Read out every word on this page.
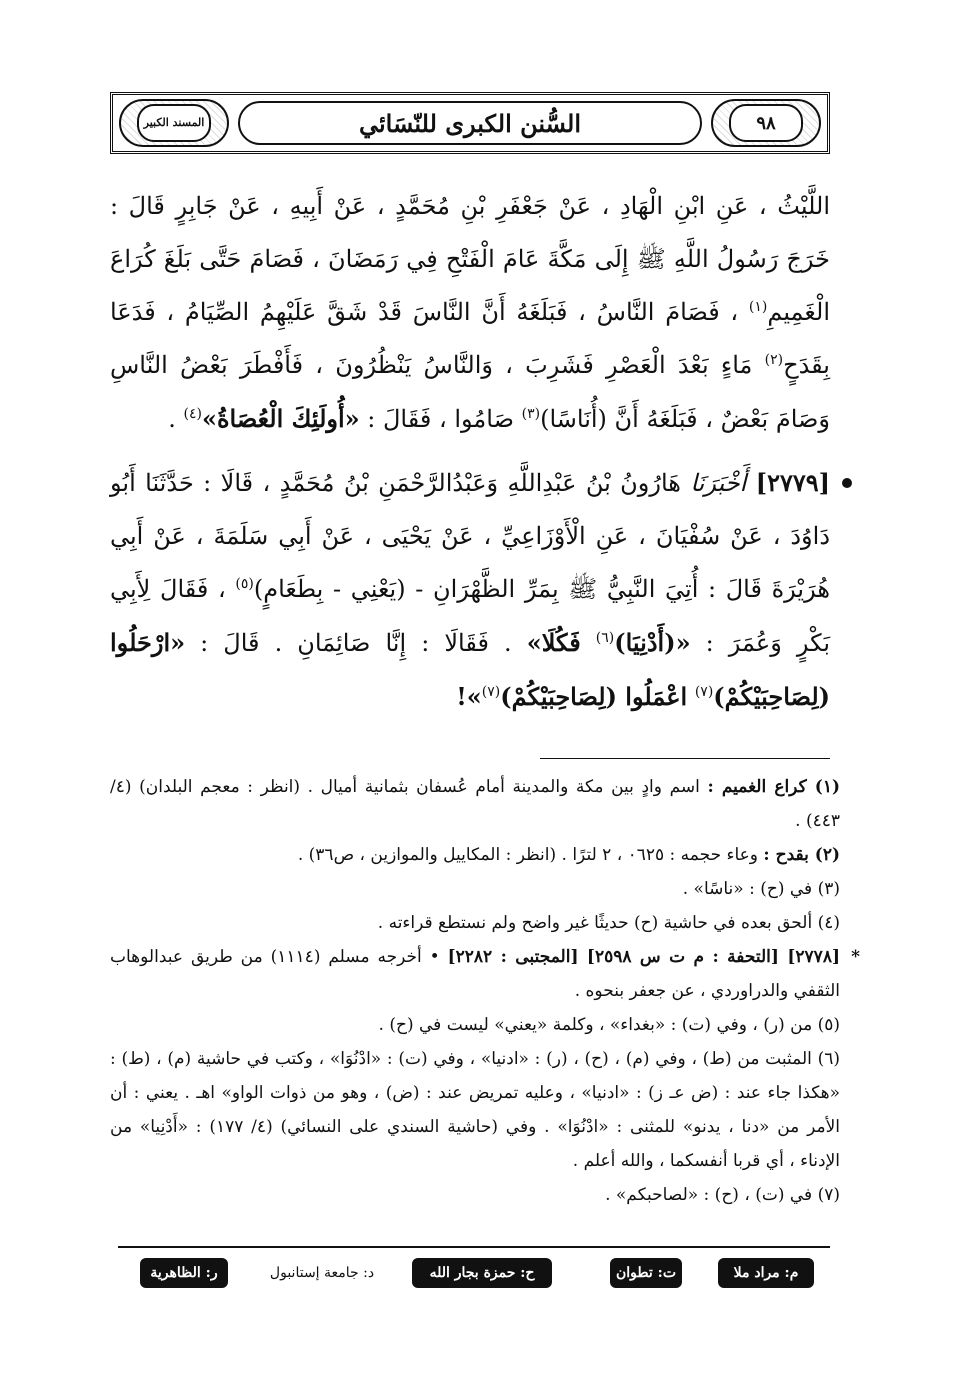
المسند الكبير	السُّنن الكبرى للنّسَائي	٩٨

اللَّيْثُ ، عَنِ ابْنِ الْهَادِ ، عَنْ جَعْفَرِ بْنِ مُحَمَّدٍ ، عَنْ أَبِيهِ ، عَنْ جَابِرٍ قَالَ : خَرَجَ رَسُولُ اللَّهِ ﷺ إِلَى مَكَّةَ عَامَ الْفَتْحِ فِي رَمَضَانَ ، فَصَامَ حَتَّى بَلَغَ كُرَاعَ الْغَمِيمِ$^{(١)}$ ، فَصَامَ النَّاسُ ، فَبَلَغَهُ أَنَّ النَّاسَ قَدْ شَقَّ عَلَيْهِمُ الصِّيَامُ ، فَدَعَا بِقَدَحٍ$^{(٢)}$ مَاءٍ بَعْدَ الْعَصْرِ فَشَرِبَ ، وَالنَّاسُ يَنْظُرُونَ ، فَأَفْطَرَ بَعْضُ النَّاسِ وَصَامَ بَعْضٌ ، فَبَلَغَهُ أَنَّ (أُنَاسًا)$^{(٣)}$ صَامُوا ، فَقَالَ : «أُولَئِكَ الْعُصَاةُ»$^{(٤)}$ .

[٢٧٧٩] أَخْبَرَنَا هَارُونُ بْنُ عَبْدِاللَّهِ وَعَبْدُالرَّحْمَنِ بْنُ مُحَمَّدٍ ، قَالَا : حَدَّثَنَا أَبُو دَاوُدَ ، عَنْ سُفْيَانَ ، عَنِ الْأَوْزَاعِيِّ ، عَنْ يَحْيَى ، عَنْ أَبِي سَلَمَةَ ، عَنْ أَبِي هُرَيْرَةَ قَالَ : أُتِيَ النَّبِيُّ ﷺ بِمَرِّ الظَّهْرَانِ - (يَعْنِي - بِطَعَامٍ)$^{(٥)}$ ، فَقَالَ لِأَبِي بَكْرٍ وَعُمَرَ : «(أَدْنِيَا)$^{(٦)}$ فَكُلَا» . فَقَالَا : إِنَّا صَائِمَانِ . قَالَ : «ارْحَلُوا (لِصَاحِبَيْكُمْ)$^{(٧)}$ اعْمَلُوا (لِصَاحِبَيْكُمْ)$^{(٧)}$»!

(١) كراع الغميم : اسم وادٍ بين مكة والمدينة أمام عُسفان بثمانية أميال . (انظر : معجم البلدان) (٤/ ٤٤٣) .

(٢) بقدح : وعاء حجمه : ٠٦٢٥ ، ٢ لترًا . (انظر : المكاييل والموازين ، ص٣٦) .

(٣) في (ح) : «ناسًا» .

(٤) ألحق بعده في حاشية (ح) حديثًا غير واضح ولم نستطع قراءته .

*
[٢٧٧٨] [التحفة : م ت س ٢٥٩٨] [المجتبى : ٢٢٨٢] • أخرجه مسلم (١١١٤) من طريق عبدالوهاب الثقفي والدراوردي ، عن جعفر بنحوه .

(٥) من (ر) ، وفي (ت) : «بغداء» ، وكلمة «يعني» ليست في (ح) .

(٦) المثبت من (ط) ، وفي (م) ، (ح) ، (ر) : «ادنيا» ، وفي (ت) : «ادْنُوَا» ، وكتب في حاشية (م) ، (ط) : «هكذا جاء عند : (ض عـ ز) : «ادنيا» ، وعليه تمريض عند : (ض) ، وهو من ذوات الواو» اهـ . يعني : أن الأمر من «دنا ، يدنو» للمثنى : «ادْنُوَا» . وفي (حاشية السندي على النسائي) (٤/ ١٧٧) : «أَدْنِيا» من الإدناء ، أي قربا أنفسكما ، والله أعلم .

(٧) في (ت) ، (ح) : «لصاحبكم» .

م: مراد ملا
ت: تطوان
ح: حمزة بجار الله
د: جامعة إستانبول
ر: الظاهرية
